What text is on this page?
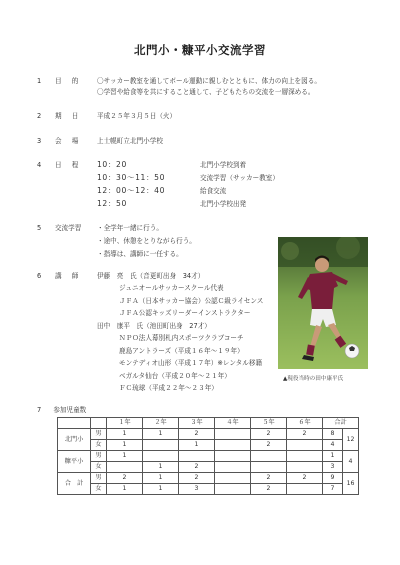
北門小・糠平小交流学習
1 目 的 〇サッカー教室を通してボール運動に親しむとともに、体力の向上を図る。
〇学習や給食等を共にすること通して、子どもたちの交流を一層深める。
2 期 日 平成２５年３月５日（火）
3 会 場 上士幌町立北門小学校
4 日 程 10：20	北門小学校到着
10：30～11：50	交流学習（サッカー教室）
12：00～12：40	給食交流
12：50	北門小学校出発
5 交流学習 ・全学年一緒に行う。
・途中、休憩をとりながら行う。
・指導は、講師に一任する。
6 講 師 伊藤　亮　氏（音更町出身　34才）
ジュニオールサッカースクール代表
ＪＦＡ（日本サッカー協会）公認Ｃ級ライセンス
ＪＦＡ公認キッズリーダーインストラクター
田中　康平　氏（池田町出身　27才）
ＮＰＯ法人幕別札内スポーツクラブコーチ
鹿島アントラーズ（平成１６年～１９年）
モンテディオ山形（平成１７年）※レンタル移籍
ベガルタ仙台（平成２０年～２１年）
ＦＣ琉球（平成２２年～２３年）
▲現役当時の田中康平氏
7 参加児童数
		１年	２年	３年	４年	５年	６年	合計	
北門小	男	1	1	2		2	2	8	12
	女	1		1		2		4	
糠平小	男	1						1	4
	女		1	2				3	
合　計	男	2	1	2		2	2	9	16
	女	1	1	3		2		7	
